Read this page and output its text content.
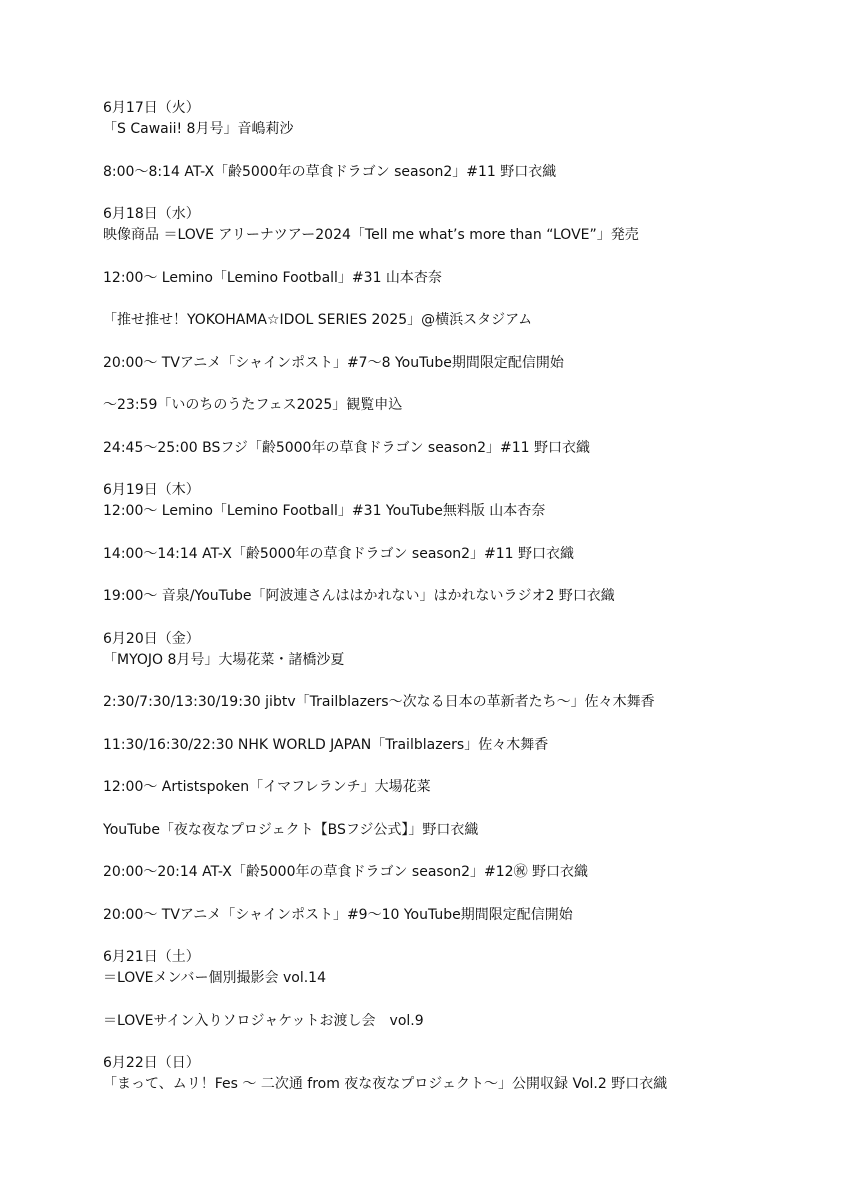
6月17日（火）
「S Cawaii! 8月号」音嶋莉沙
8:00～8:14 AT-X「齢5000年の草食ドラゴン season2」#11 野口衣織
6月18日（水）
映像商品 ＝LOVE アリーナツアー2024「Tell me what’s more than “LOVE”」発売
12:00～ Lemino「Lemino Football」#31 山本杏奈
「推せ推せ！YOKOHAMA☆IDOL SERIES 2025」@横浜スタジアム
20:00～ TVアニメ「シャインポスト」#7～8 YouTube期間限定配信開始
～23:59「いのちのうたフェス2025」観覧申込
24:45～25:00 BSフジ「齢5000年の草食ドラゴン season2」#11 野口衣織
6月19日（木）
12:00～ Lemino「Lemino Football」#31 YouTube無料版 山本杏奈
14:00～14:14 AT-X「齢5000年の草食ドラゴン season2」#11 野口衣織
19:00～ 音泉/YouTube「阿波連さんははかれない」はかれないラジオ2 野口衣織
6月20日（金）
「MYOJO 8月号」大場花菜・諸橋沙夏
2:30/7:30/13:30/19:30 jibtv「Trailblazers～次なる日本の革新者たち～」佐々木舞香
11:30/16:30/22:30 NHK WORLD JAPAN「Trailblazers」佐々木舞香
12:00～ Artistspoken「イマフレランチ」大場花菜
YouTube「夜な夜なプロジェクト【BSフジ公式】」野口衣織
20:00～20:14 AT-X「齢5000年の草食ドラゴン season2」#12㊗ 野口衣織
20:00～ TVアニメ「シャインポスト」#9～10 YouTube期間限定配信開始
6月21日（土）
＝LOVEメンバー個別撮影会 vol.14
＝LOVEサイン入りソロジャケットお渡し会　vol.9
6月22日（日）
「まって、ムリ！Fes ～ 二次通 from 夜な夜なプロジェクト～」公開収録 Vol.2 野口衣織
